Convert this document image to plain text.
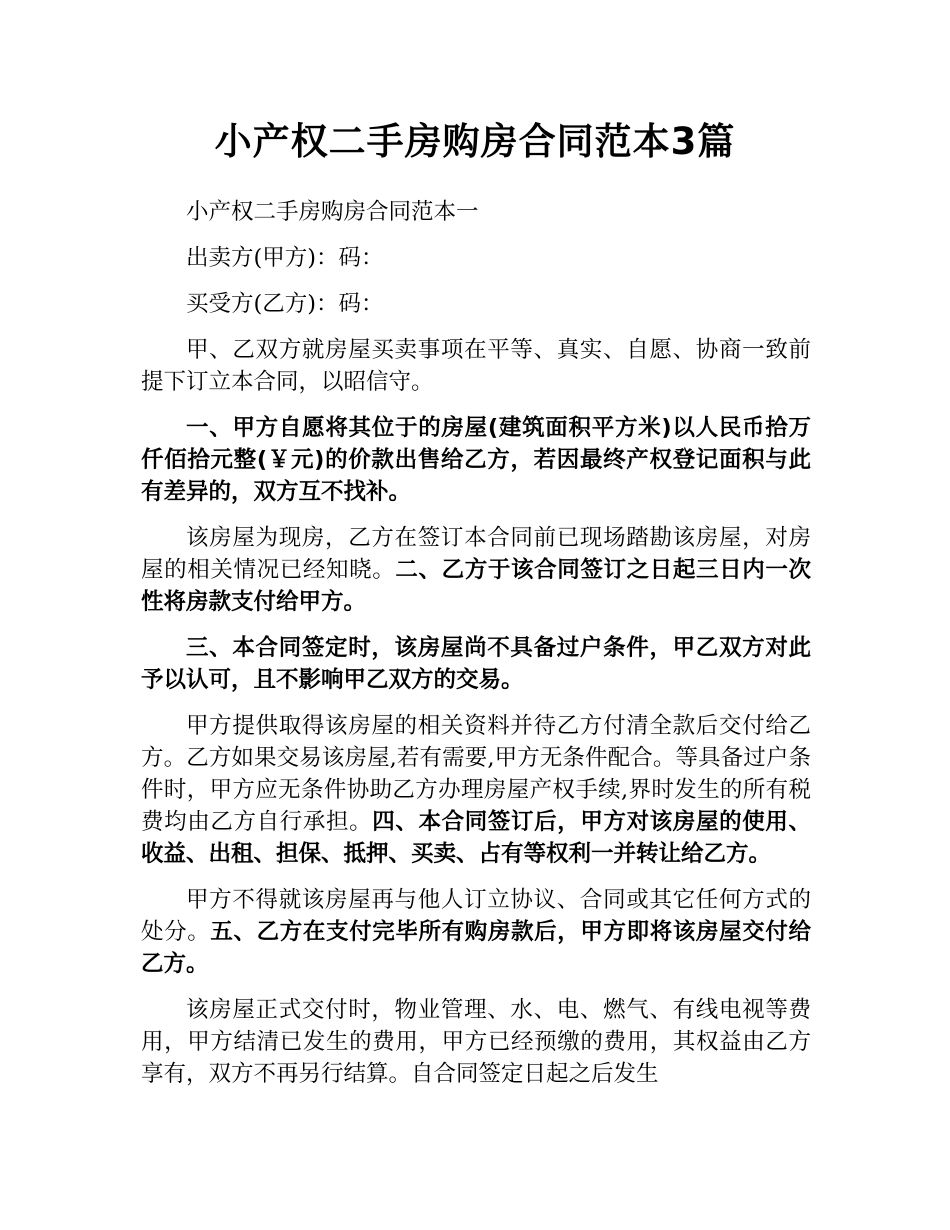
小产权二手房购房合同范本3篇

小产权二手房购房合同范本一

出卖方(甲方)：码：

买受方(乙方)：码：

甲、乙双方就房屋买卖事项在平等、真实、自愿、协商一致前提下订立本合同，以昭信守。

一、甲方自愿将其位于的房屋(建筑面积平方米)以人民币拾万仟佰拾元整(￥元)的价款出售给乙方，若因最终产权登记面积与此有差异的，双方互不找补。

该房屋为现房，乙方在签订本合同前已现场踏勘该房屋，对房屋的相关情况已经知晓。二、乙方于该合同签订之日起三日内一次性将房款支付给甲方。

三、本合同签定时，该房屋尚不具备过户条件，甲乙双方对此予以认可，且不影响甲乙双方的交易。

甲方提供取得该房屋的相关资料并待乙方付清全款后交付给乙方。乙方如果交易该房屋,若有需要,甲方无条件配合。等具备过户条件时，甲方应无条件协助乙方办理房屋产权手续,界时发生的所有税费均由乙方自行承担。四、本合同签订后，甲方对该房屋的使用、收益、出租、担保、抵押、买卖、占有等权利一并转让给乙方。

甲方不得就该房屋再与他人订立协议、合同或其它任何方式的处分。五、乙方在支付完毕所有购房款后，甲方即将该房屋交付给乙方。

该房屋正式交付时，物业管理、水、电、燃气、有线电视等费用，甲方结清已发生的费用，甲方已经预缴的费用，其权益由乙方享有，双方不再另行结算。自合同签定日起之后发生
